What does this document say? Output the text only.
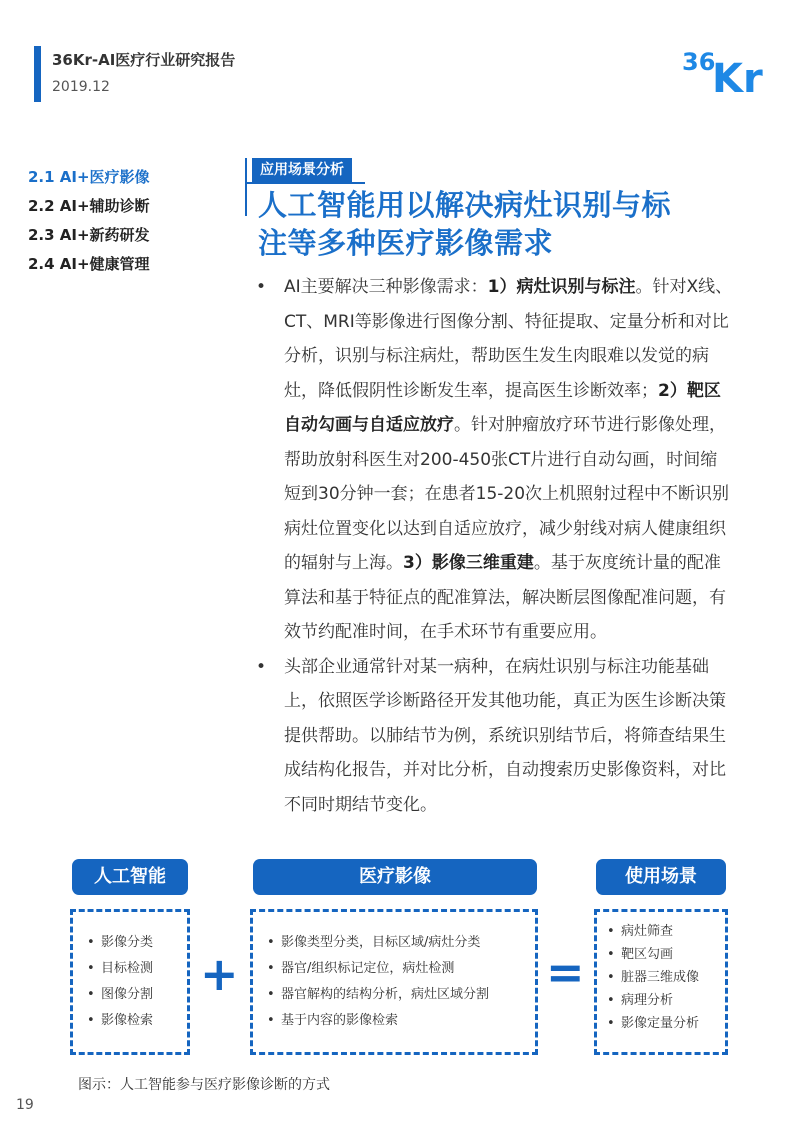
36Kr-AI医疗行业研究报告
2019.12
36
Kr
2.1 AI+医疗影像
2.2 AI+辅助诊断
2.3 AI+新药研发
2.4 AI+健康管理
应用场景分析
人工智能用以解决病灶识别与标
注等多种医疗影像需求
• AI主要解决三种影像需求：1）病灶识别与标注。针对X线、CT、MRI等影像进行图像分割、特征提取、定量分析和对比分析，识别与标注病灶，帮助医生发生肉眼难以发觉的病灶，降低假阴性诊断发生率，提高医生诊断效率；2）靶区自动勾画与自适应放疗。针对肿瘤放疗环节进行影像处理，帮助放射科医生对200-450张CT片进行自动勾画，时间缩短到30分钟一套；在患者15-20次上机照射过程中不断识别病灶位置变化以达到自适应放疗，减少射线对病人健康组织的辐射与上海。3）影像三维重建。基于灰度统计量的配准算法和基于特征点的配准算法，解决断层图像配准问题，有效节约配准时间，在手术环节有重要应用。
• 头部企业通常针对某一病种，在病灶识别与标注功能基础上，依照医学诊断路径开发其他功能，真正为医生诊断决策提供帮助。以肺结节为例，系统识别结节后，将筛查结果生成结构化报告，并对比分析，自动搜索历史影像资料，对比不同时期结节变化。
人工智能
• 影像分类
• 目标检测
• 图像分割
• 影像检索
+
医疗影像
• 影像类型分类，目标区域/病灶分类
• 器官/组织标记定位，病灶检测
• 器官解构的结构分析，病灶区域分割
• 基于内容的影像检索
=
使用场景
• 病灶筛查
• 靶区勾画
• 脏器三维成像
• 病理分析
• 影像定量分析
图示：人工智能参与医疗影像诊断的方式
19
